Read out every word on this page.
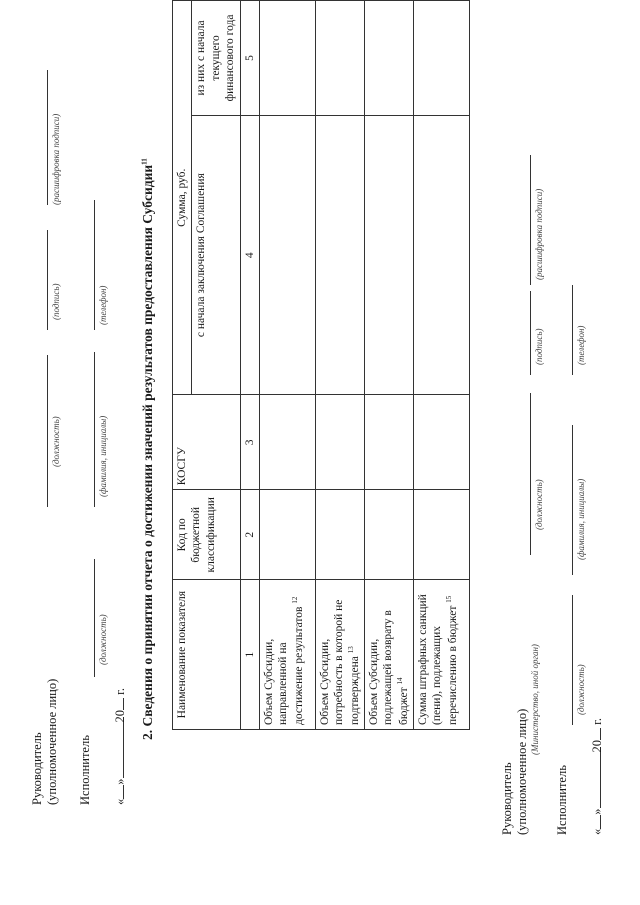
Руководитель (уполномоченное лицо)
(должность)
(подпись)
(расшифровка подписи)
Исполнитель
(должность)
(фамилия, инициалы)
(телефон)
«»20 г. 2. Сведения о принятии отчета о достижении значений результатов предоставления Субсидии$^{11}$
Наименование показателя	Код по бюджетной классификации	КОСГУ	Сумма, руб.	
			с начала заключения Соглашения	из них с начала текущего финансового года
1	2	3	4	5
Объем Субсидии, направленной на достижение результатов $^{12}$				
Объем Субсидии, потребность в которой не подтверждена $^{13}$				
Объем Субсидии, подлежащей возврату в бюджет $^{14}$				
Сумма штрафных санкций (пени), подлежащих перечислению в бюджет $^{15}$				
Руководитель (уполномоченное лицо)
(Министерство, иной орган)
(должность)
(подпись)
(расшифровка подписи)
Исполнитель
(должность)
(фамилия, инициалы)
(телефон)
«»20 г.
